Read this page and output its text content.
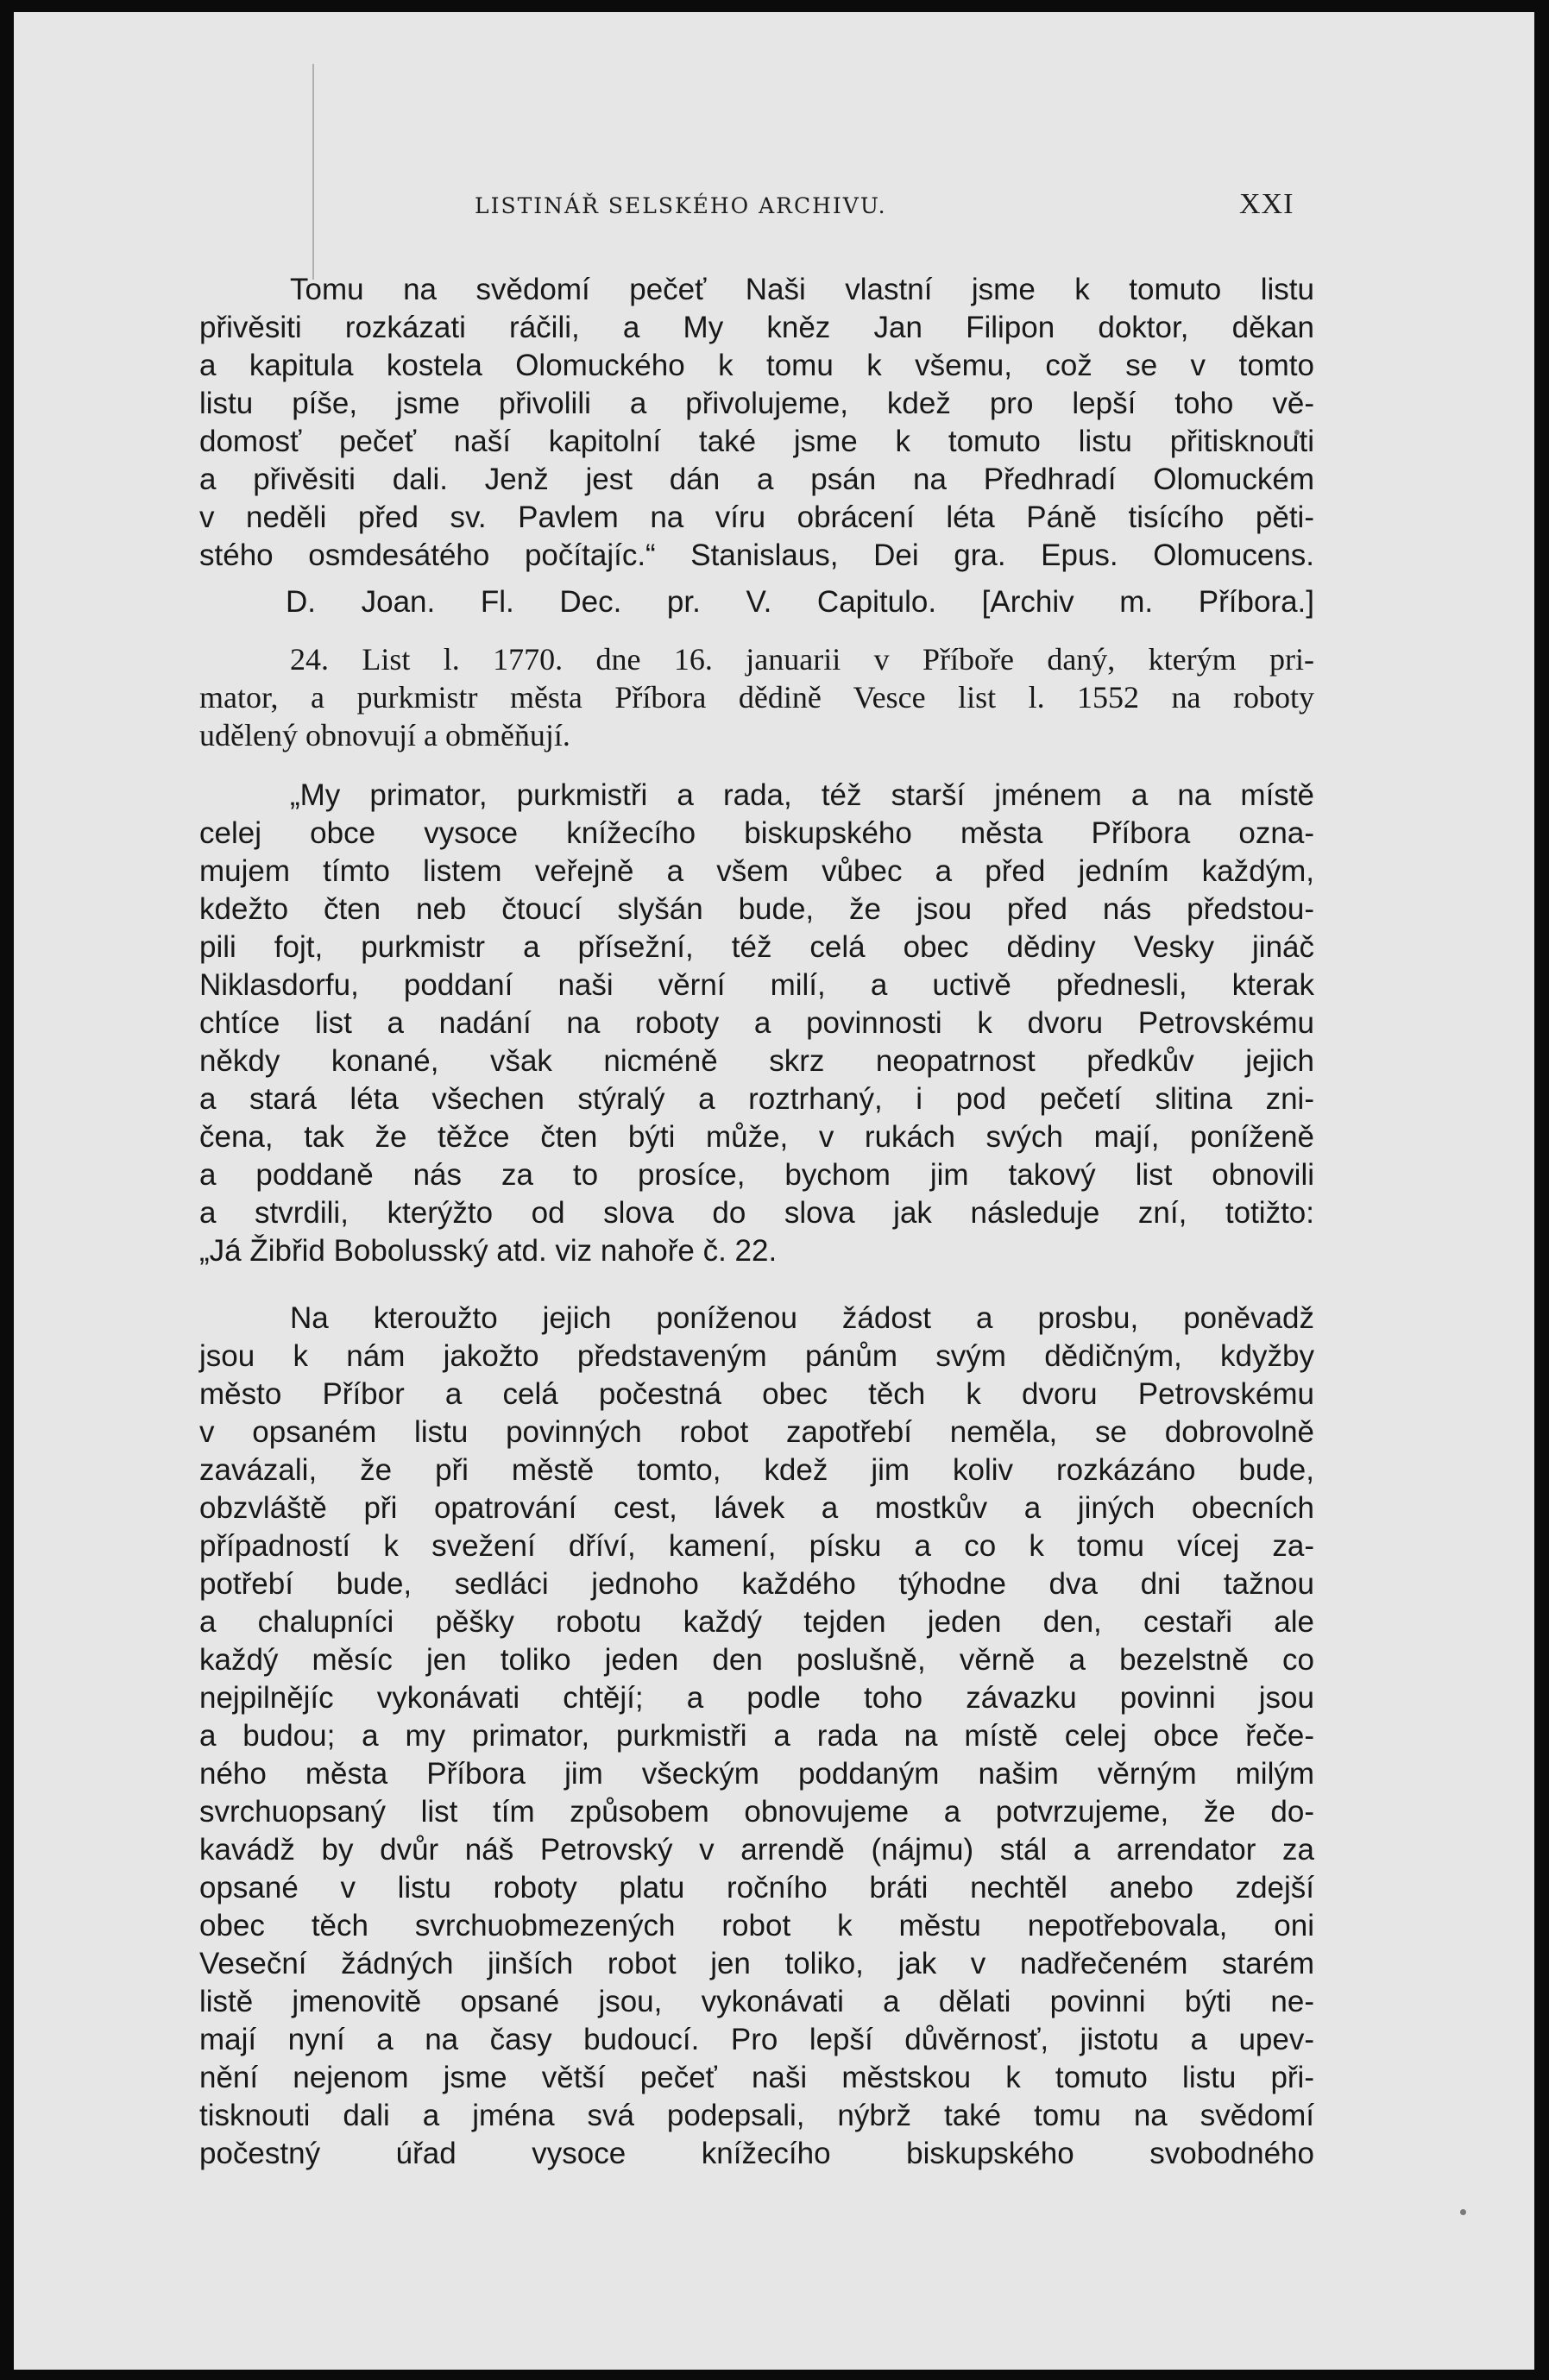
LISTINÁŘ SELSKÉHO ARCHIVU.	XXI
Tomu na svědomí pečeť Naši vlastní jsme k tomuto listu
přivěsiti rozkázati ráčili, a My kněz Jan Filipon doktor, děkan
a kapitula kostela Olomuckého k tomu k všemu, což se v tomto
listu píše, jsme přivolili a přivolujeme, kdež pro lepší toho vě-
domosť pečeť naší kapitolní také jsme k tomuto listu přitisknouti
a přivěsiti dali. Jenž jest dán a psán na Předhradí Olomuckém
v neděli před sv. Pavlem na víru obrácení léta Páně tisícího pěti-
stého osmdesátého počítajíc.“ Stanislaus, Dei gra. Epus. Olomucens.
D. Joan. Fl. Dec. pr. V. Capitulo. [Archiv m. Příbora.]
24. List l. 1770. dne 16. januarii v Příboře daný, kterým pri-
mator, a purkmistr města Příbora dědině Vesce list l. 1552 na roboty
udělený obnovují a obměňují.
„My primator, purkmistři a rada, též starší jménem a na místě
celej obce vysoce knížecího biskupského města Příbora ozna-
mujem tímto listem veřejně a všem vůbec a před jedním každým,
kdežto čten neb čtoucí slyšán bude, že jsou před nás předstou-
pili fojt, purkmistr a přísežní, též celá obec dědiny Vesky jináč
Niklasdorfu, poddaní naši věrní milí, a uctivě přednesli, kterak
chtíce list a nadání na roboty a povinnosti k dvoru Petrovskému
někdy konané, však nicméně skrz neopatrnost předkův jejich
a stará léta všechen stýralý a roztrhaný, i pod pečetí slitina zni-
čena, tak že těžce čten býti může, v rukách svých mají, poníženě
a poddaně nás za to prosíce, bychom jim takový list obnovili
a stvrdili, kterýžto od slova do slova jak následuje zní, totižto:
„Já Žibřid Bobolusský atd. viz nahoře č. 22.
Na kteroužto jejich poníženou žádost a prosbu, poněvadž
jsou k nám jakožto představeným pánům svým dědičným, kdyžby
město Příbor a celá počestná obec těch k dvoru Petrovskému
v opsaném listu povinných robot zapotřebí neměla, se dobrovolně
zavázali, že při městě tomto, kdež jim koliv rozkázáno bude,
obzvláště při opatrování cest, lávek a mostkův a jiných obecních
případností k svežení dříví, kamení, písku a co k tomu vícej za-
potřebí bude, sedláci jednoho každého týhodne dva dni tažnou
a chalupníci pěšky robotu každý tejden jeden den, cestaři ale
každý měsíc jen toliko jeden den poslušně, věrně a bezelstně co
nejpilnějíc vykonávati chtějí; a podle toho závazku povinni jsou
a budou; a my primator, purkmistři a rada na místě celej obce řeče-
ného města Příbora jim všeckým poddaným našim věrným milým
svrchuopsaný list tím způsobem obnovujeme a potvrzujeme, že do-
kavádž by dvůr náš Petrovský v arrendě (nájmu) stál a arrendator za
opsané v listu roboty platu ročního bráti nechtěl anebo zdejší
obec těch svrchuobmezených robot k městu nepotřebovala, oni
Veseční žádných jinších robot jen toliko, jak v nadřečeném starém
listě jmenovitě opsané jsou, vykonávati a dělati povinni býti ne-
mají nyní a na časy budoucí. Pro lepší důvěrnosť, jistotu a upev-
nění nejenom jsme větší pečeť naši městskou k tomuto listu při-
tisknouti dali a jména svá podepsali, nýbrž také tomu na svědomí
počestný úřad vysoce knížecího biskupského svobodného
